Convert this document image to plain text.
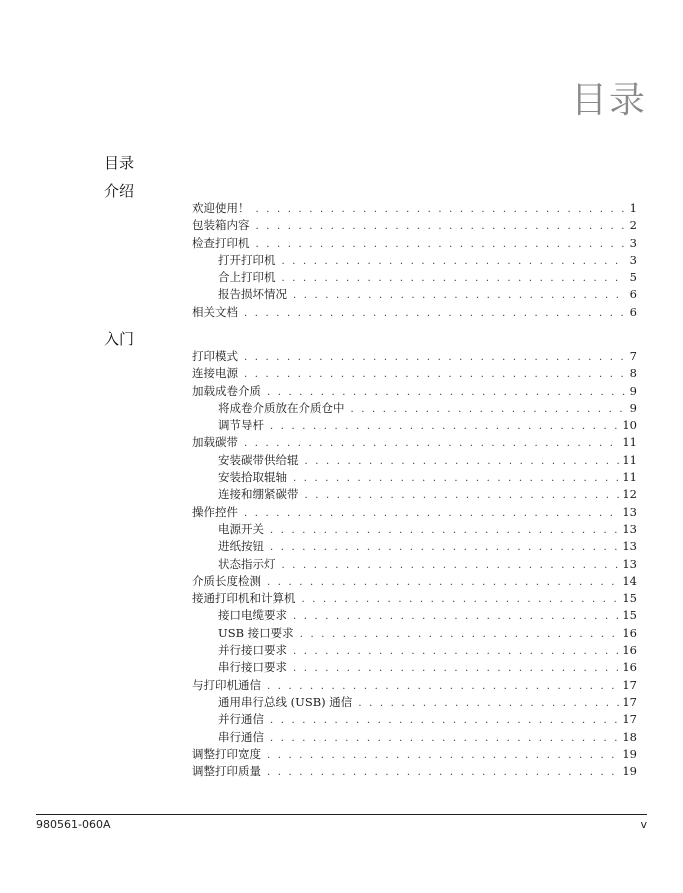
目录
目录
介绍
欢迎使用！ . . .	1
包装箱内容 . . .	2
检查打印机 . . .	3
打开打印机 . . .	3
合上打印机 . . .	5
报告损坏情况 . . .	6
相关文档 . . .	6
入门
打印模式 . . .	7
连接电源 . . .	8
加载成卷介质 . . .	9
将成卷介质放在介质仓中 . . .	9
调节导杆 . . .	10
加载碳带 . . .	11
安装碳带供给辊 . . .	11
安装拾取辊轴 . . .	11
连接和绷紧碳带 . . .	12
操作控件 . . .	13
电源开关 . . .	13
进纸按钮 . . .	13
状态指示灯 . . .	13
介质长度检测 . . .	14
接通打印机和计算机 . . .	15
接口电缆要求 . . .	15
USB 接口要求 . . .	16
并行接口要求 . . .	16
串行接口要求 . . .	16
与打印机通信 . . .	17
通用串行总线 (USB) 通信 . . .	17
并行通信 . . .	17
串行通信 . . .	18
调整打印宽度 . . .	19
调整打印质量 . . .	19
980561-060A	v
